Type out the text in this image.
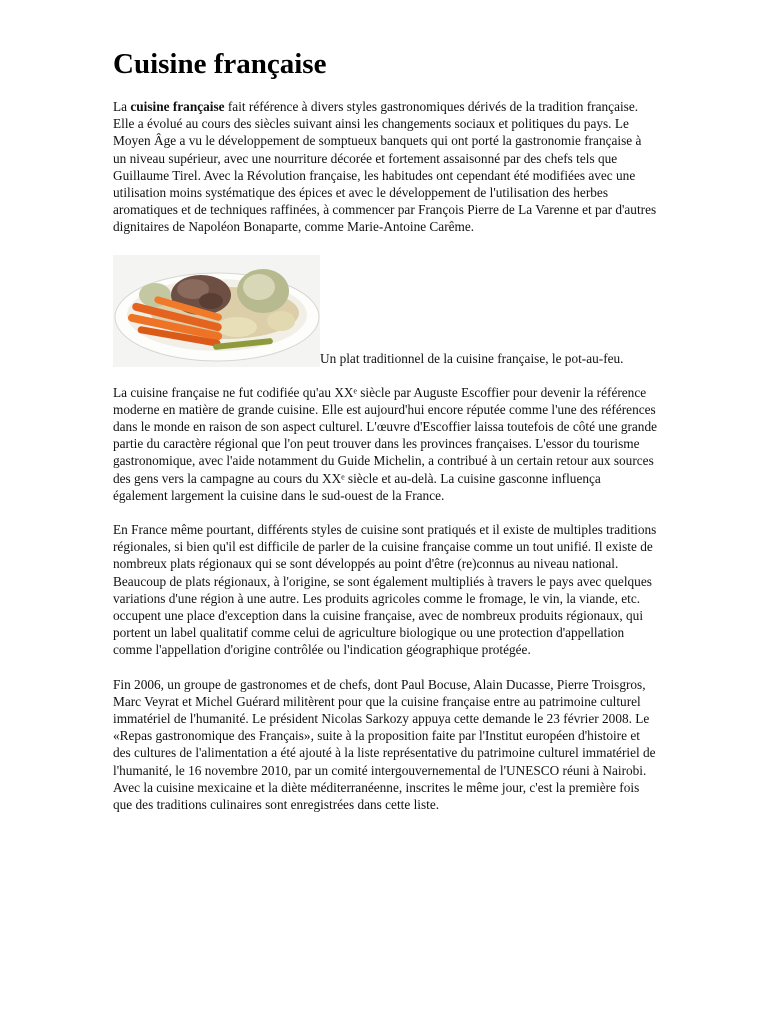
Cuisine française

La cuisine française fait référence à divers styles gastronomiques dérivés de la tradition française. Elle a évolué au cours des siècles suivant ainsi les changements sociaux et politiques du pays. Le Moyen Âge a vu le développement de somptueux banquets qui ont porté la gastronomie française à un niveau supérieur, avec une nourriture décorée et fortement assaisonné par des chefs tels que Guillaume Tirel. Avec la Révolution française, les habitudes ont cependant été modifiées avec une utilisation moins systématique des épices et avec le développement de l'utilisation des herbes aromatiques et de techniques raffinées, à commencer par François Pierre de La Varenne et par d'autres dignitaires de Napoléon Bonaparte, comme Marie-Antoine Carême.

Un plat traditionnel de la cuisine française, le pot-au-feu.

La cuisine française ne fut codifiée qu'au XXᵉ siècle par Auguste Escoffier pour devenir la référence moderne en matière de grande cuisine. Elle est aujourd'hui encore réputée comme l'une des références dans le monde en raison de son aspect culturel. L'œuvre d'Escoffier laissa toutefois de côté une grande partie du caractère régional que l'on peut trouver dans les provinces françaises. L'essor du tourisme gastronomique, avec l'aide notamment du Guide Michelin, a contribué à un certain retour aux sources des gens vers la campagne au cours du XXᵉ siècle et au-delà. La cuisine gasconne influença également largement la cuisine dans le sud-ouest de la France.

En France même pourtant, différents styles de cuisine sont pratiqués et il existe de multiples traditions régionales, si bien qu'il est difficile de parler de la cuisine française comme un tout unifié. Il existe de nombreux plats régionaux qui se sont développés au point d'être (re)connus au niveau national. Beaucoup de plats régionaux, à l'origine, se sont également multipliés à travers le pays avec quelques variations d'une région à une autre. Les produits agricoles comme le fromage, le vin, la viande, etc. occupent une place d'exception dans la cuisine française, avec de nombreux produits régionaux, qui portent un label qualitatif comme celui de agriculture biologique ou une protection d'appellation comme l'appellation d'origine contrôlée ou l'indication géographique protégée.

Fin 2006, un groupe de gastronomes et de chefs, dont Paul Bocuse, Alain Ducasse, Pierre Troisgros, Marc Veyrat et Michel Guérard militèrent pour que la cuisine française entre au patrimoine culturel immatériel de l'humanité. Le président Nicolas Sarkozy appuya cette demande le 23 février 2008. Le «Repas gastronomique des Français», suite à la proposition faite par l'Institut européen d'histoire et des cultures de l'alimentation a été ajouté à la liste représentative du patrimoine culturel immatériel de l'humanité, le 16 novembre 2010, par un comité intergouvernemental de l'UNESCO réuni à Nairobi. Avec la cuisine mexicaine et la diète méditerranéenne, inscrites le même jour, c'est la première fois que des traditions culinaires sont enregistrées dans cette liste.
